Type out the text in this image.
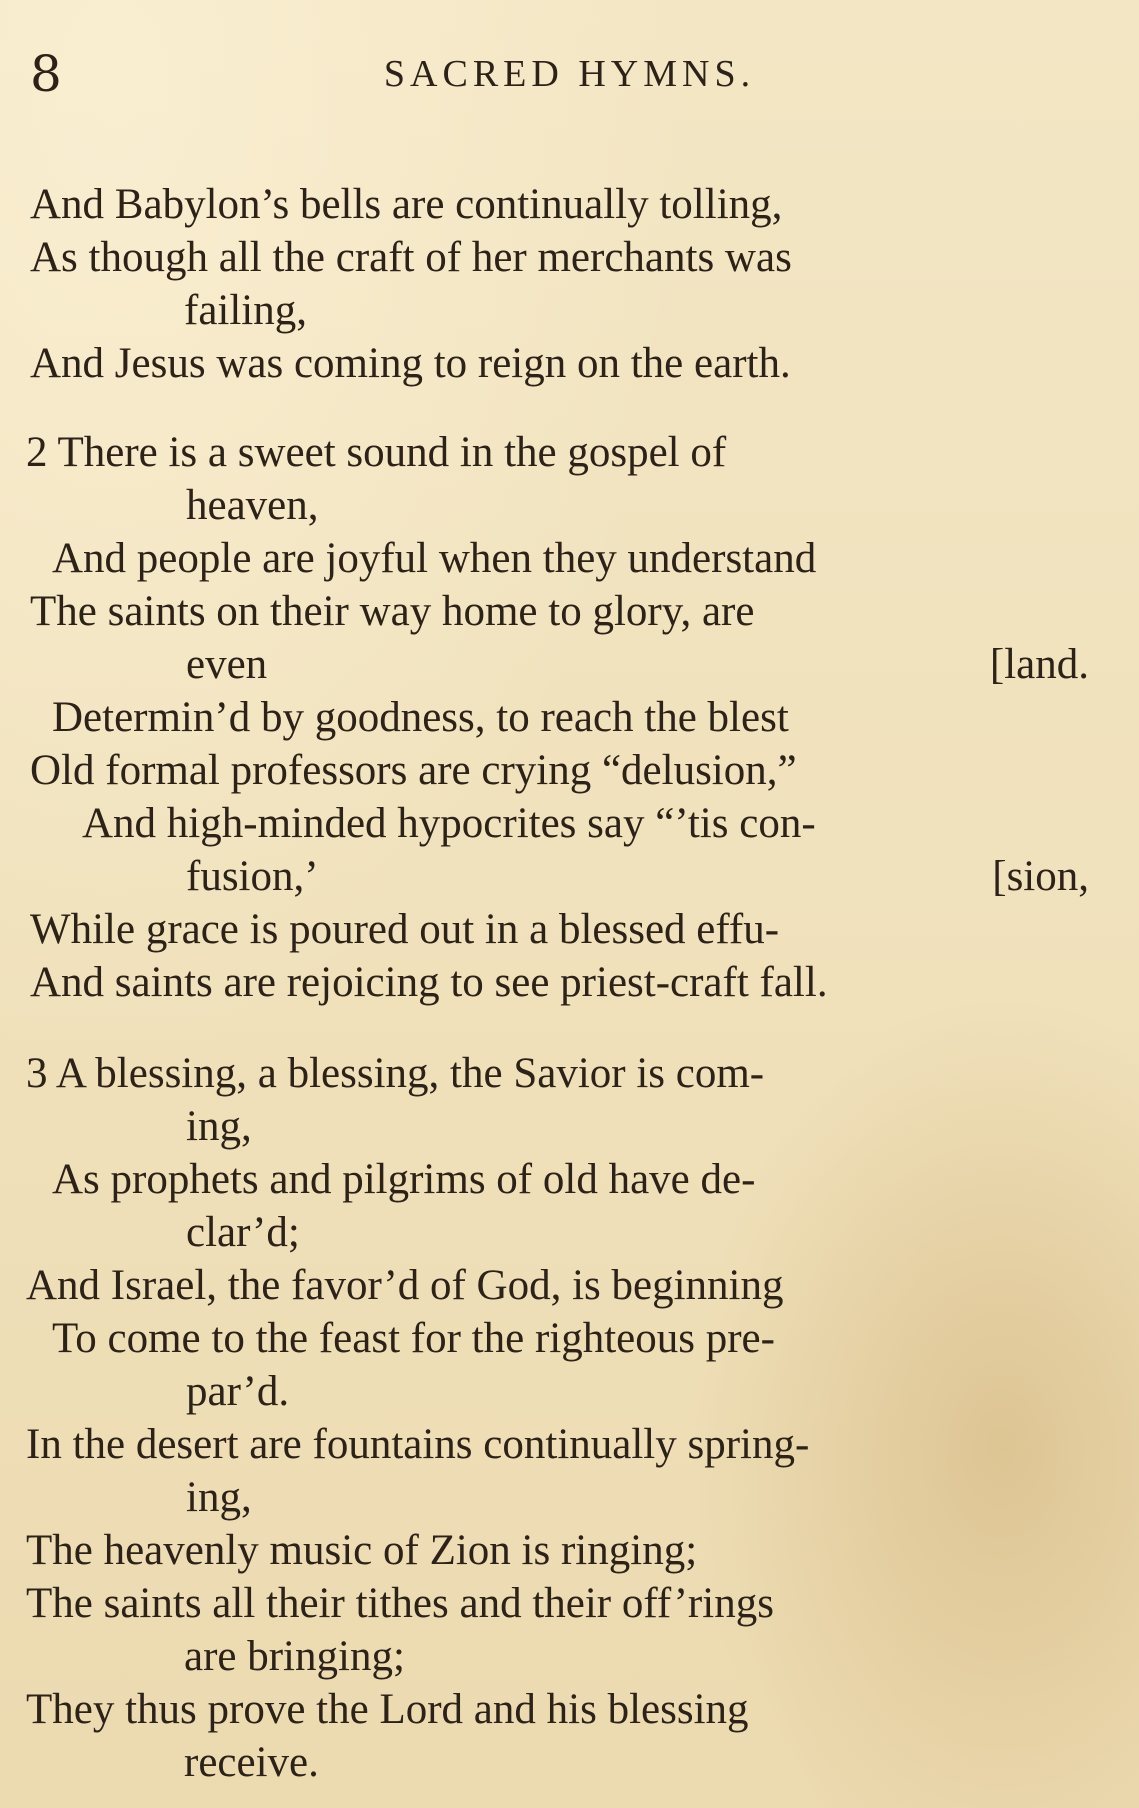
8	SACRED HYMNS.
And Babylon’s bells are continually tolling,
As though all the craft of her merchants was
failing,
And Jesus was coming to reign on the earth.
2 There is a sweet sound in the gospel of
heaven,
And people are joyful when they understand
The saints on their way home to glory, are
even	[land.
Determin’d by goodness, to reach the blest
Old formal professors are crying “delusion,”
And high-minded hypocrites say “’tis con-
fusion,’	[sion,
While grace is poured out in a blessed effu-
And saints are rejoicing to see priest-craft fall.
3 A blessing, a blessing, the Savior is com-
ing,
As prophets and pilgrims of old have de-
clar’d;
And Israel, the favor’d of God, is beginning
To come to the feast for the righteous pre-
par’d.
In the desert are fountains continually spring-
ing,
The heavenly music of Zion is ringing;
The saints all their tithes and their off’rings
are bringing;
They thus prove the Lord and his blessing
receive.
